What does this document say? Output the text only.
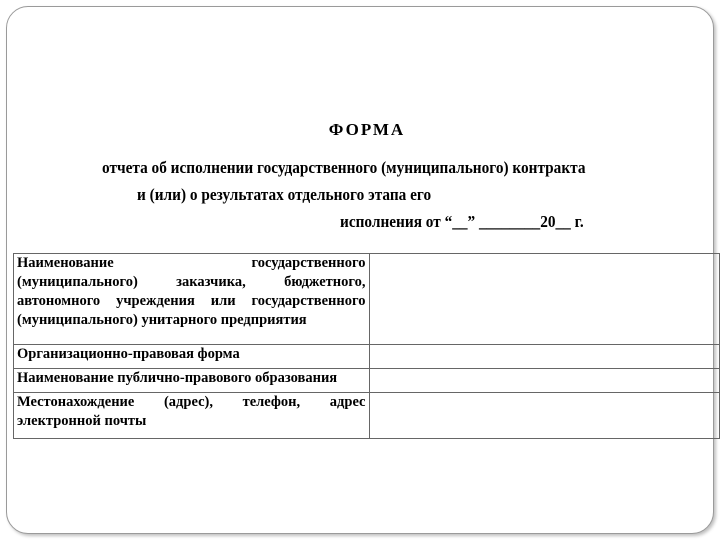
ФОРМА

отчета об исполнении государственного (муниципального) контракта

и (или) о результатах отдельного этапа его

исполнения от “__” ________20__ г.

Наименование государственного
(муниципального) заказчика, бюджетного,
автономного учреждения или государственного
(муниципального) унитарного предприятия	

Организационно-правовая форма	
Наименование публично-правового образования	

Местонахождение (адрес), телефон, адрес
электронной почты	
